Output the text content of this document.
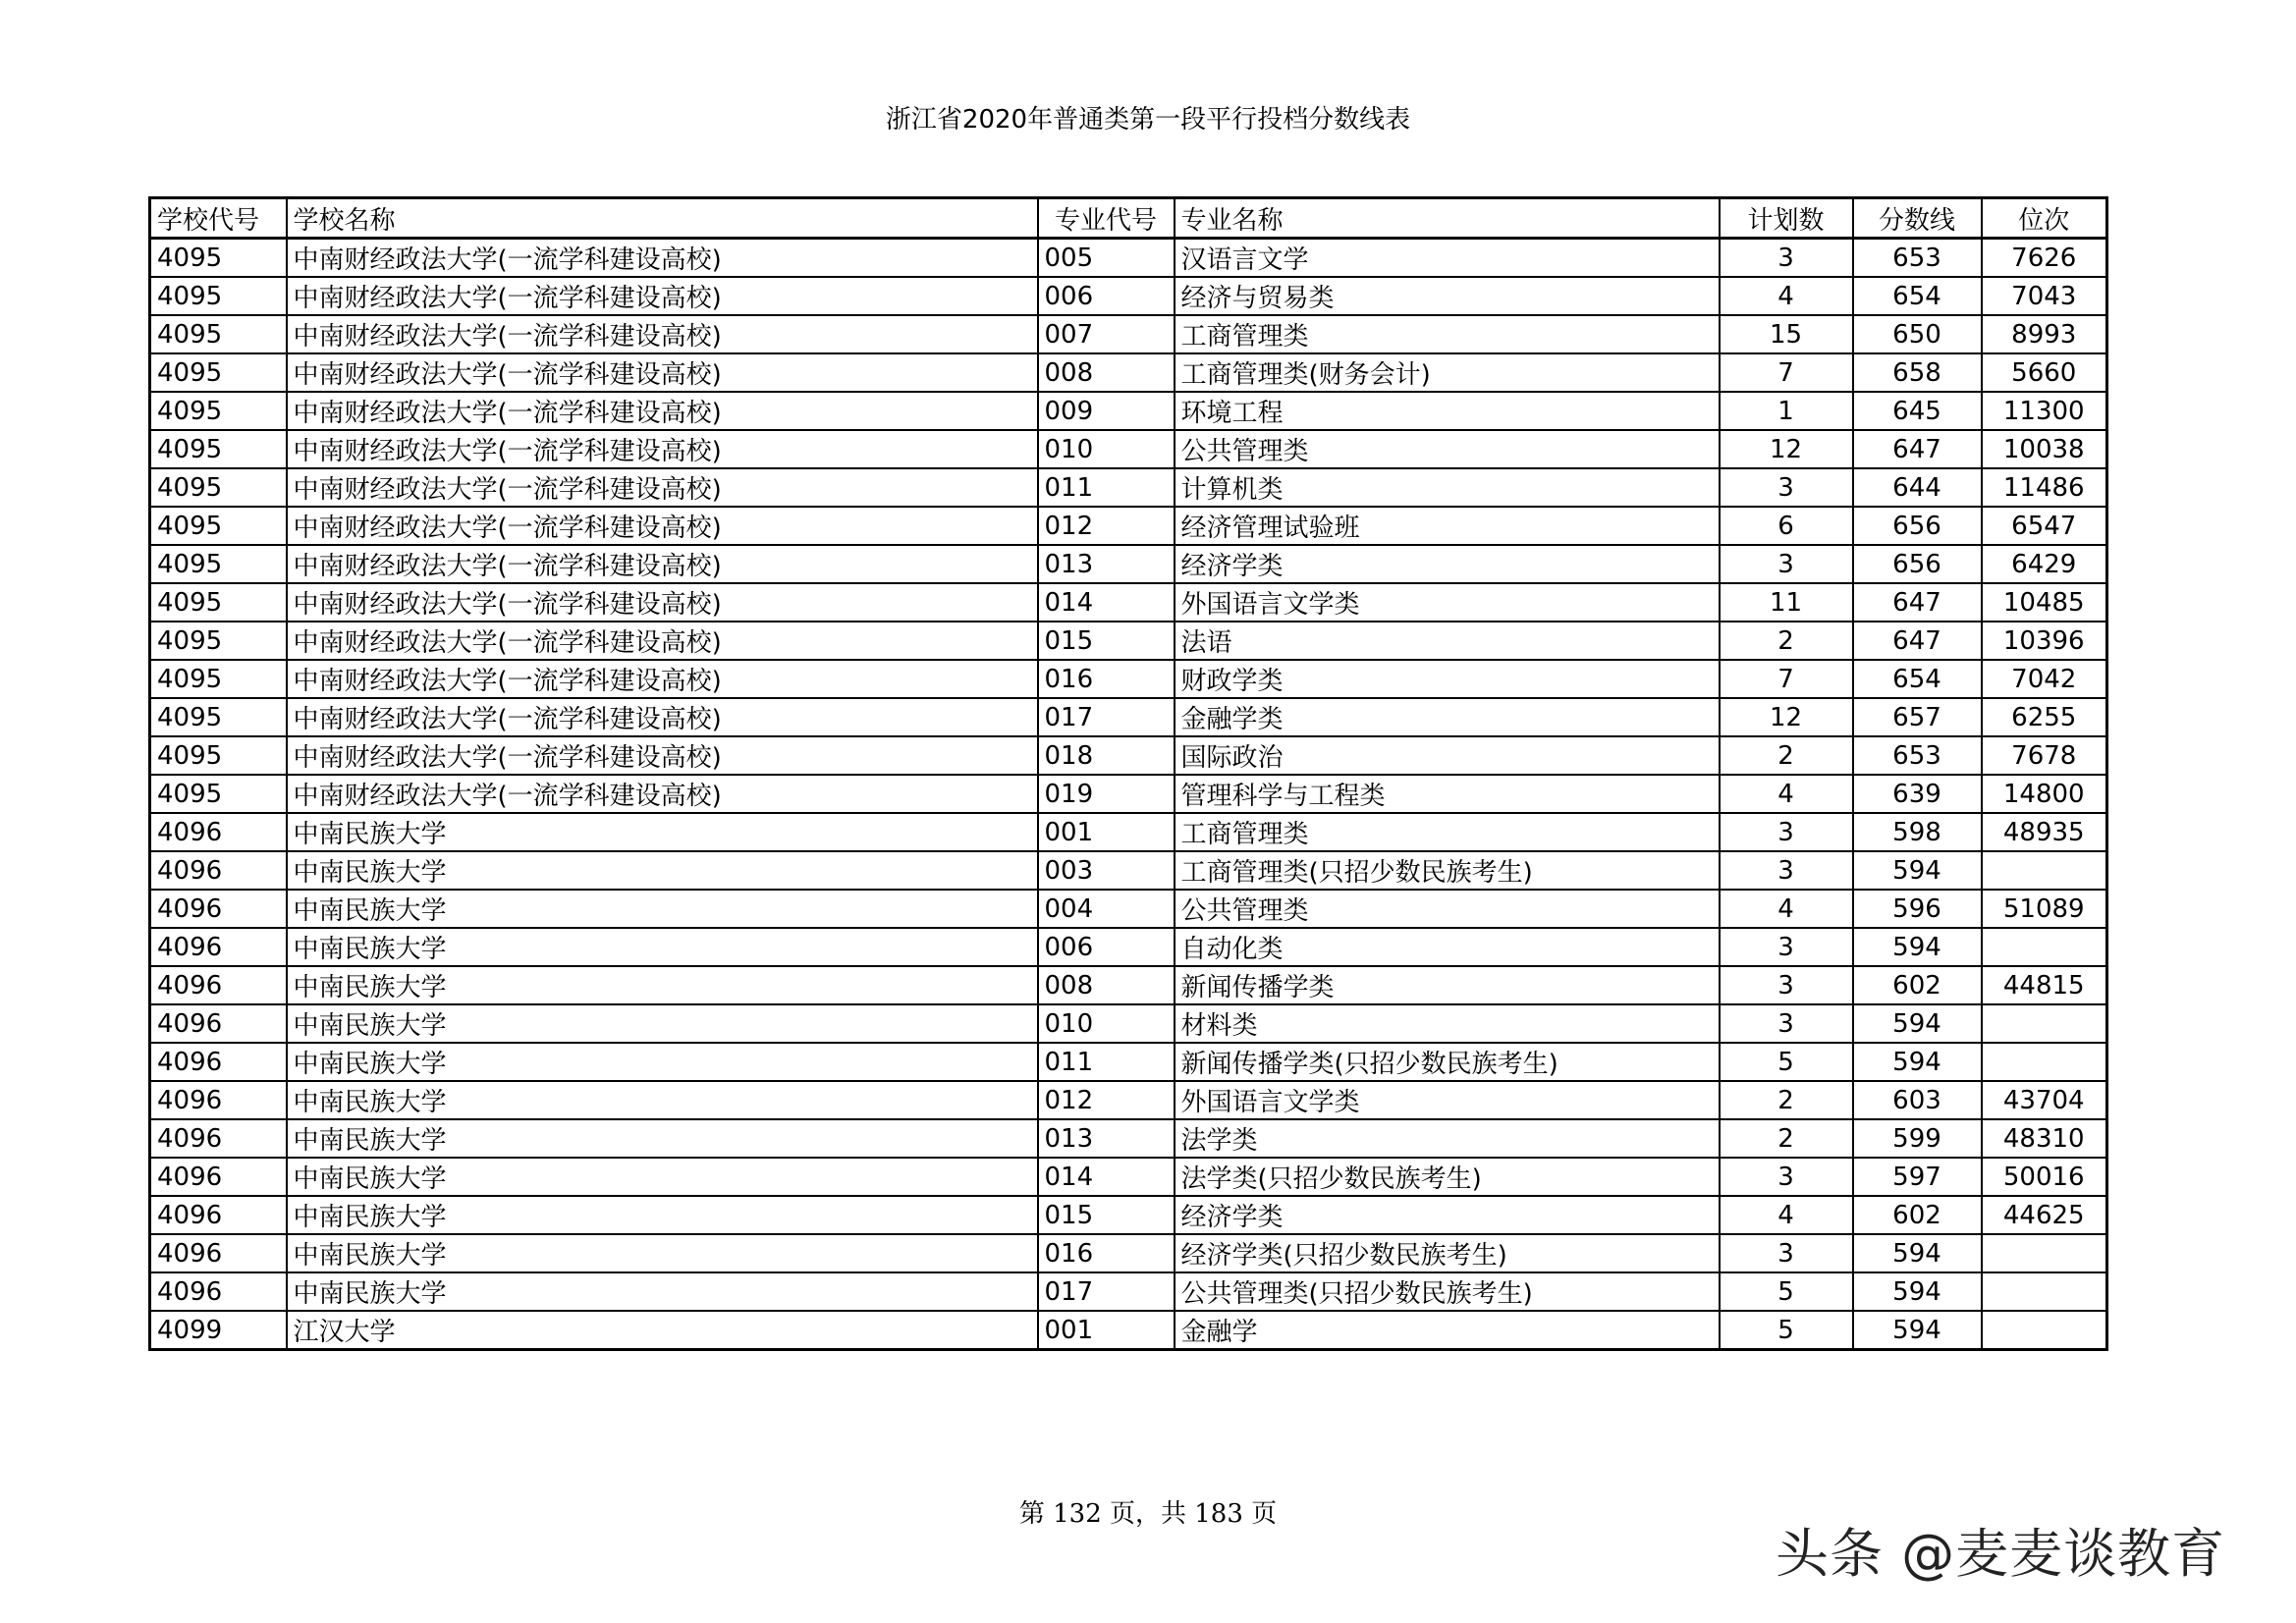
浙江省2020年普通类第一段平行投档分数线表
学校代号	学校名称	专业代号	专业名称	计划数	分数线	位次
4095	中南财经政法大学(一流学科建设高校)	005	汉语言文学	3	653	7626
4095	中南财经政法大学(一流学科建设高校)	006	经济与贸易类	4	654	7043
4095	中南财经政法大学(一流学科建设高校)	007	工商管理类	15	650	8993
4095	中南财经政法大学(一流学科建设高校)	008	工商管理类(财务会计)	7	658	5660
4095	中南财经政法大学(一流学科建设高校)	009	环境工程	1	645	11300
4095	中南财经政法大学(一流学科建设高校)	010	公共管理类	12	647	10038
4095	中南财经政法大学(一流学科建设高校)	011	计算机类	3	644	11486
4095	中南财经政法大学(一流学科建设高校)	012	经济管理试验班	6	656	6547
4095	中南财经政法大学(一流学科建设高校)	013	经济学类	3	656	6429
4095	中南财经政法大学(一流学科建设高校)	014	外国语言文学类	11	647	10485
4095	中南财经政法大学(一流学科建设高校)	015	法语	2	647	10396
4095	中南财经政法大学(一流学科建设高校)	016	财政学类	7	654	7042
4095	中南财经政法大学(一流学科建设高校)	017	金融学类	12	657	6255
4095	中南财经政法大学(一流学科建设高校)	018	国际政治	2	653	7678
4095	中南财经政法大学(一流学科建设高校)	019	管理科学与工程类	4	639	14800
4096	中南民族大学	001	工商管理类	3	598	48935
4096	中南民族大学	003	工商管理类(只招少数民族考生)	3	594	
4096	中南民族大学	004	公共管理类	4	596	51089
4096	中南民族大学	006	自动化类	3	594	
4096	中南民族大学	008	新闻传播学类	3	602	44815
4096	中南民族大学	010	材料类	3	594	
4096	中南民族大学	011	新闻传播学类(只招少数民族考生)	5	594	
4096	中南民族大学	012	外国语言文学类	2	603	43704
4096	中南民族大学	013	法学类	2	599	48310
4096	中南民族大学	014	法学类(只招少数民族考生)	3	597	50016
4096	中南民族大学	015	经济学类	4	602	44625
4096	中南民族大学	016	经济学类(只招少数民族考生)	3	594	
4096	中南民族大学	017	公共管理类(只招少数民族考生)	5	594	
4099	江汉大学	001	金融学	5	594	
第 132 页，共 183 页
头条 @麦麦谈教育
